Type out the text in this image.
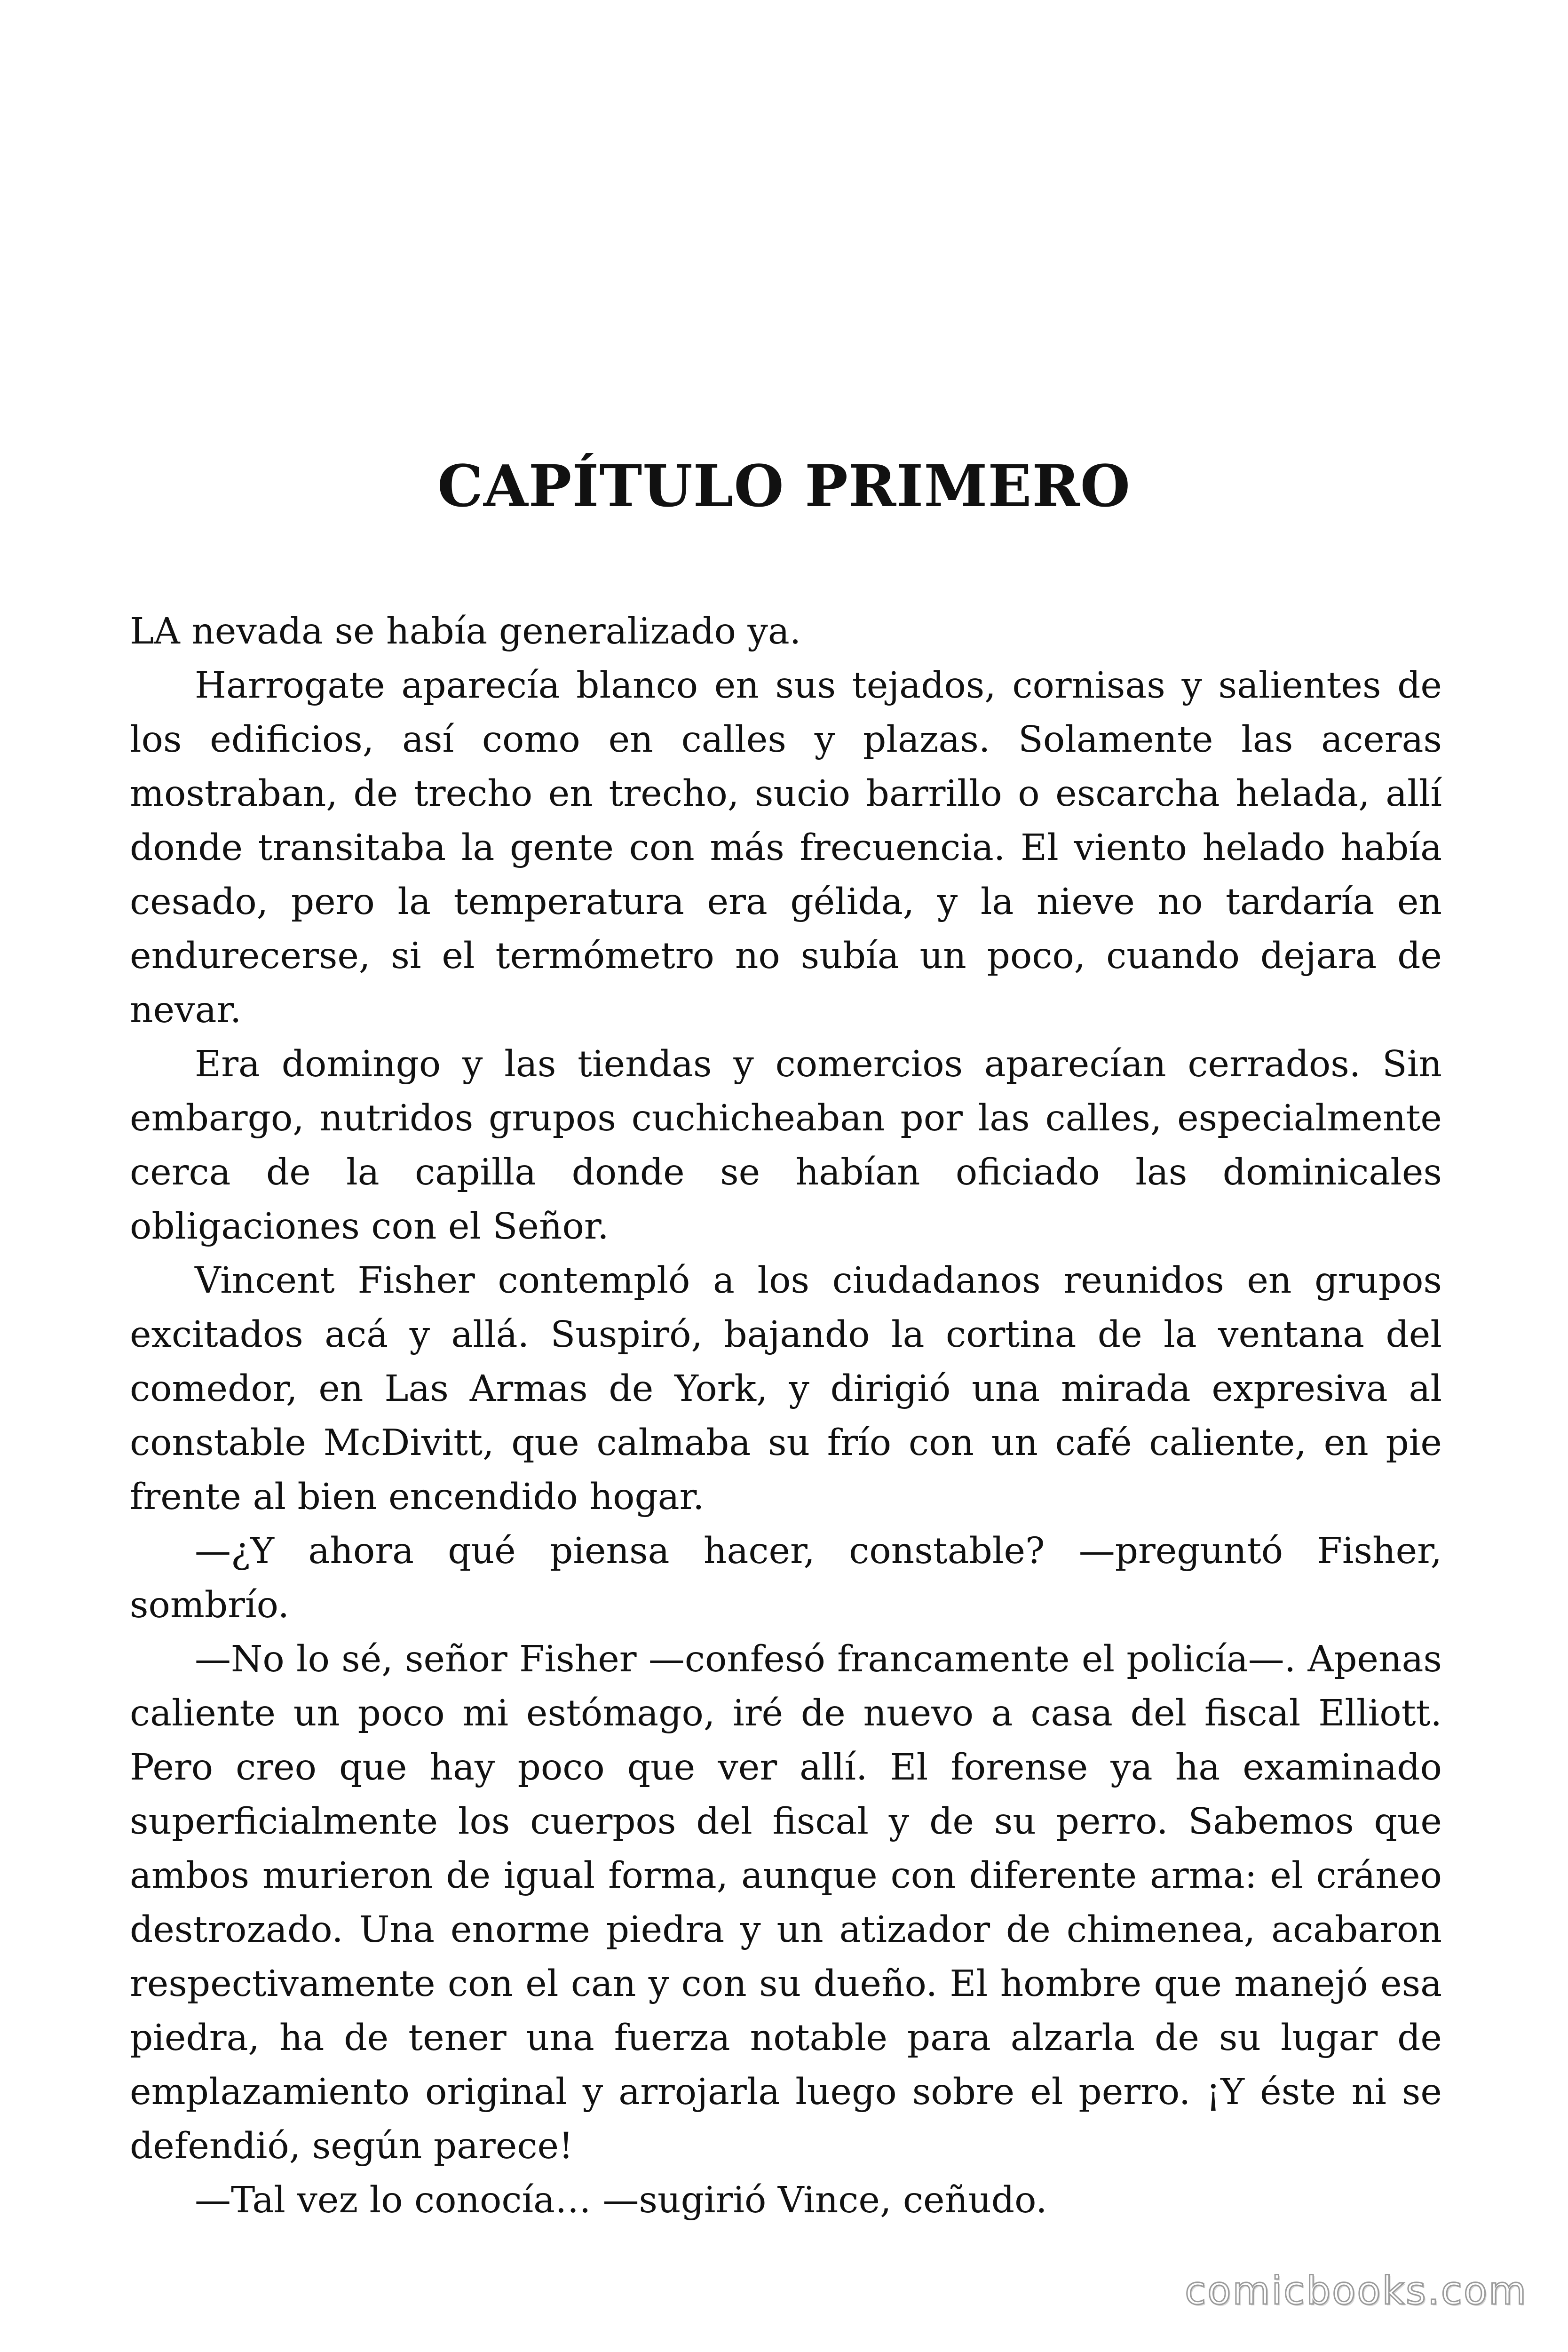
CAPÍTULO PRIMERO

LA nevada se había generalizado ya.

Harrogate aparecía blanco en sus tejados, cornisas y salientes de los edificios, así como en calles y plazas. Solamente las aceras mostraban, de trecho en trecho, sucio barrillo o escarcha helada, allí donde transitaba la gente con más frecuencia. El viento helado había cesado, pero la temperatura era gélida, y la nieve no tardaría en endurecerse, si el termómetro no subía un poco, cuando dejara de nevar.

Era domingo y las tiendas y comercios aparecían cerrados. Sin embargo, nutridos grupos cuchicheaban por las calles, especialmente cerca de la capilla donde se habían oficiado las dominicales obligaciones con el Señor.

Vincent Fisher contempló a los ciudadanos reunidos en grupos excitados acá y allá. Suspiró, bajando la cortina de la ventana del comedor, en Las Armas de York, y dirigió una mirada expresiva al constable McDivitt, que calmaba su frío con un café caliente, en pie frente al bien encendido hogar.

—¿Y ahora qué piensa hacer, constable? —preguntó Fisher, sombrío.

—No lo sé, señor Fisher —confesó francamente el policía—. Apenas caliente un poco mi estómago, iré de nuevo a casa del fiscal Elliott. Pero creo que hay poco que ver allí. El forense ya ha examinado superficialmente los cuerpos del fiscal y de su perro. Sabemos que ambos murieron de igual forma, aunque con diferente arma: el cráneo destrozado. Una enorme piedra y un atizador de chimenea, acabaron respectivamente con el can y con su dueño. El hombre que manejó esa piedra, ha de tener una fuerza notable para alzarla de su lugar de emplazamiento original y arrojarla luego sobre el perro. ¡Y éste ni se defendió, según parece!

—Tal vez lo conocía… —sugirió Vince, ceñudo.

comicbooks.com
